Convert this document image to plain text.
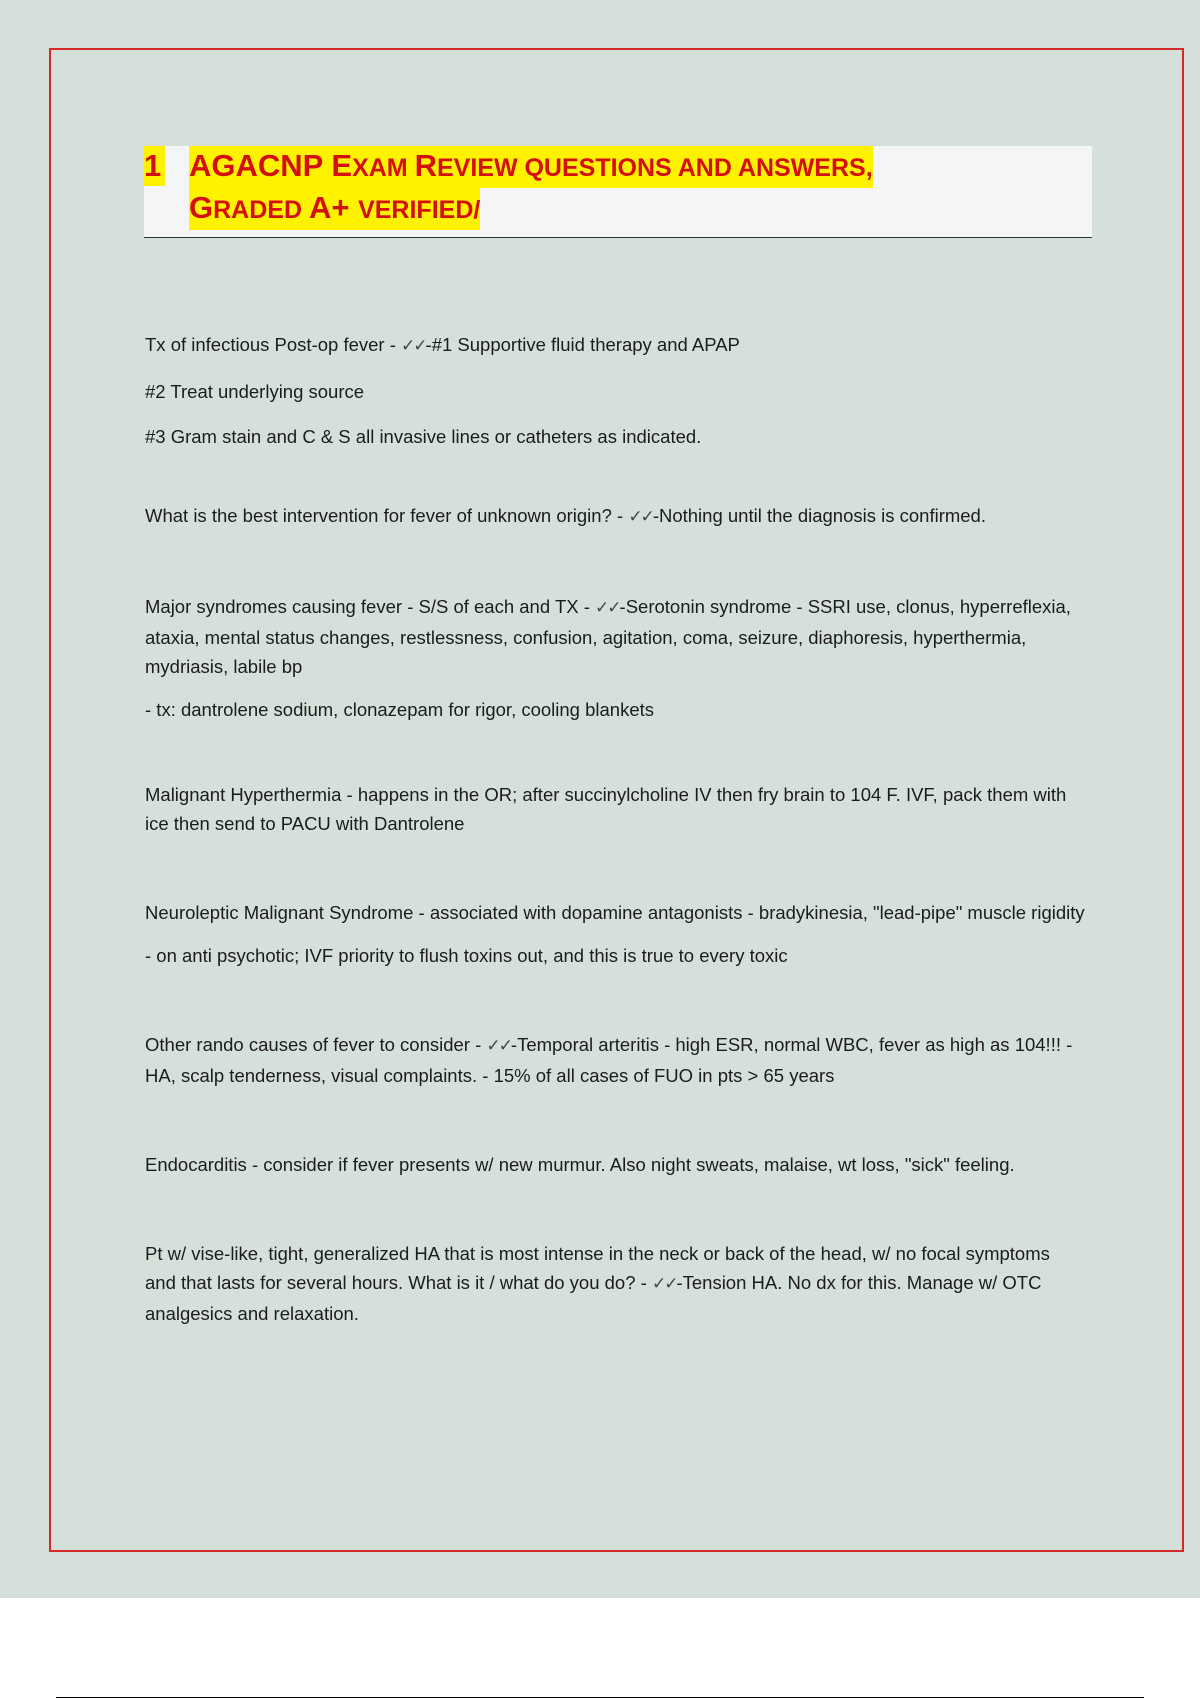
1 AGACNP EXAM REVIEW QUESTIONS AND ANSWERS,
GRADED A+ VERIFIED/

Tx of infectious Post-op fever - ✓✓-#1 Supportive fluid therapy and APAP

#2 Treat underlying source

#3 Gram stain and C & S all invasive lines or catheters as indicated.

What is the best intervention for fever of unknown origin? - ✓✓-Nothing until the diagnosis is confirmed.

Major syndromes causing fever - S/S of each and TX - ✓✓-Serotonin syndrome - SSRI use, clonus, hyperreflexia, ataxia, mental status changes, restlessness, confusion, agitation, coma, seizure, diaphoresis, hyperthermia, mydriasis, labile bp

- tx: dantrolene sodium, clonazepam for rigor, cooling blankets

Malignant Hyperthermia - happens in the OR; after succinylcholine IV then fry brain to 104 F. IVF, pack them with ice then send to PACU with Dantrolene

Neuroleptic Malignant Syndrome - associated with dopamine antagonists - bradykinesia, "lead-pipe" muscle rigidity

- on anti psychotic; IVF priority to flush toxins out, and this is true to every toxic

Other rando causes of fever to consider - ✓✓-Temporal arteritis - high ESR, normal WBC, fever as high as 104!!! - HA, scalp tenderness, visual complaints. - 15% of all cases of FUO in pts > 65 years

Endocarditis - consider if fever presents w/ new murmur. Also night sweats, malaise, wt loss, "sick" feeling.

Pt w/ vise-like, tight, generalized HA that is most intense in the neck or back of the head, w/ no focal symptoms and that lasts for several hours. What is it / what do you do? - ✓✓-Tension HA. No dx for this. Manage w/ OTC analgesics and relaxation.
